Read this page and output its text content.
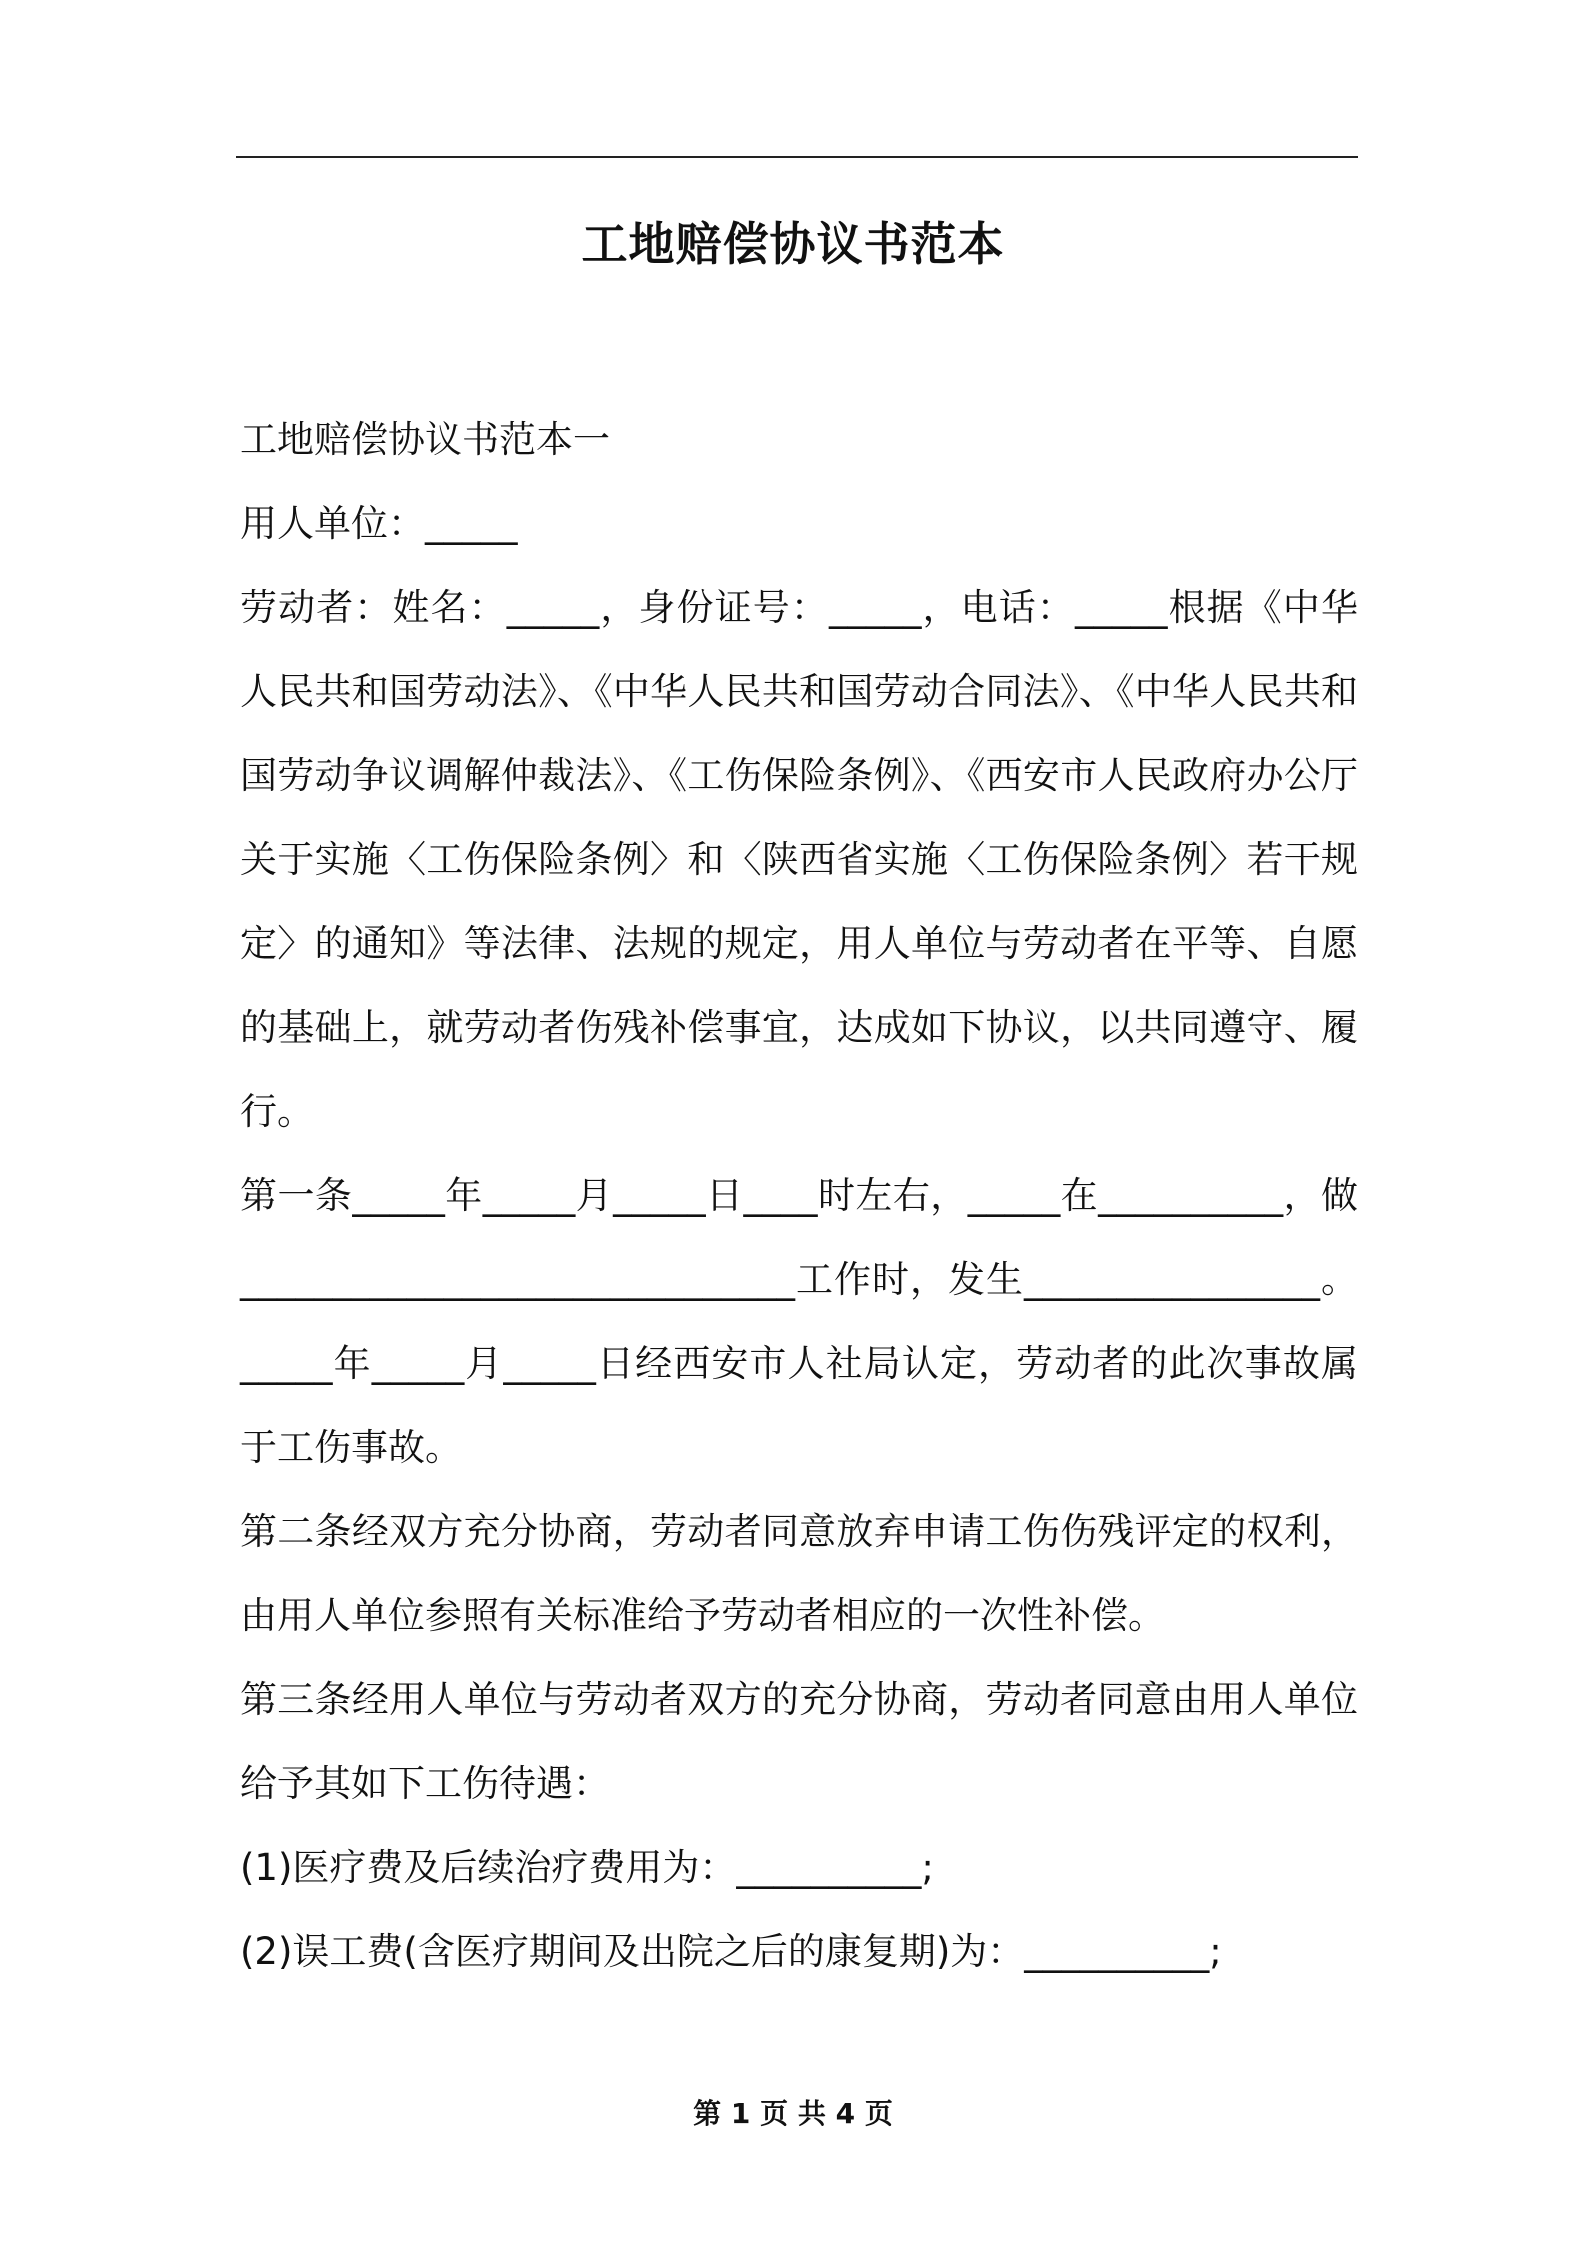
工地赔偿协议书范本

工地赔偿协议书范本一

用人单位：_____

劳动者：姓名：_____，身份证号：_____，电话：_____根据《中华人民共和国劳动法》、《中华人民共和国劳动合同法》、《中华人民共和国劳动争议调解仲裁法》、《工伤保险条例》、《西安市人民政府办公厅关于实施〈工伤保险条例〉和〈陕西省实施〈工伤保险条例〉若干规定〉的通知》等法律、法规的规定，用人单位与劳动者在平等、自愿的基础上，就劳动者伤残补偿事宜，达成如下协议，以共同遵守、履行。

第一条_____年_____月_____日____时左右，_____在__________，做______________________________工作时，发生________________。_____年_____月_____日经西安市人社局认定，劳动者的此次事故属于工伤事故。

第二条经双方充分协商，劳动者同意放弃申请工伤伤残评定的权利，由用人单位参照有关标准给予劳动者相应的一次性补偿。

第三条经用人单位与劳动者双方的充分协商，劳动者同意由用人单位给予其如下工伤待遇：

(1)医疗费及后续治疗费用为：__________;

(2)误工费(含医疗期间及出院之后的康复期)为：__________;

第 1 页 共 4 页
